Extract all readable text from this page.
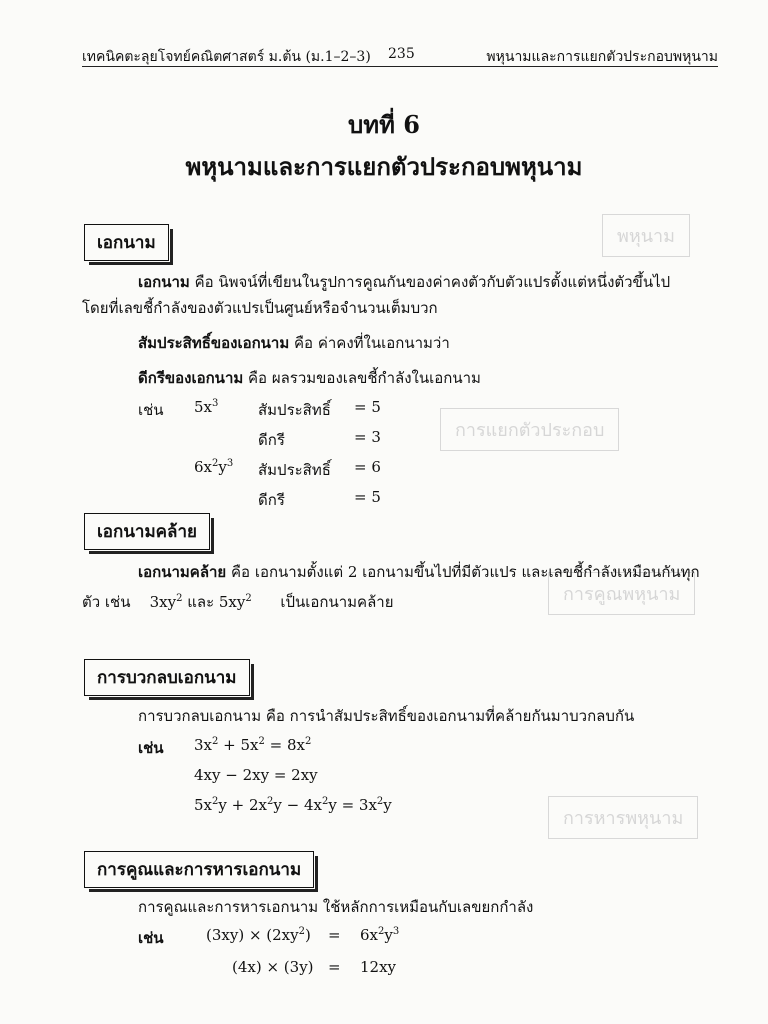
พหุนาม
การแยกตัวประกอบ
การคูณพหุนาม
การหารพหุนาม
เทคนิคตะลุยโจทย์คณิตศาสตร์ ม.ต้น (ม.1–2–3) 235	พหุนามและการแยกตัวประกอบพหุนาม
บทที่ 6
พหุนามและการแยกตัวประกอบพหุนาม
เอกนาม
เอกนาม คือ นิพจน์ที่เขียนในรูปการคูณกันของค่าคงตัวกับตัวแปรตั้งแต่หนึ่งตัวขึ้นไป
โดยที่เลขชี้กำลังของตัวแปรเป็นศูนย์หรือจำนวนเต็มบวก
สัมประสิทธิ์ของเอกนาม คือ ค่าคงที่ในเอกนามว่า
ดีกรีของเอกนาม คือ ผลรวมของเลขชี้กำลังในเอกนาม
เช่น $5x^3$	สัมประสิทธิ์ = 5
ดีกรี	= 3
$6x^2y^3$ สัมประสิทธิ์ = 6
ดีกรี	= 5
เอกนามคล้าย
เอกนามคล้าย คือ เอกนามตั้งแต่ 2 เอกนามขึ้นไปที่มีตัวแปร และเลขชี้กำลังเหมือนกันทุก
ตัว เช่น $3xy^2$ และ $5xy^2$ เป็นเอกนามคล้าย
การบวกลบเอกนาม
การบวกลบเอกนาม คือ การนำสัมประสิทธิ์ของเอกนามที่คล้ายกันมาบวกลบกัน
เช่น $3x^2 + 5x^2 = 8x^2$
4xy − 2xy = 2xy
$5x^2y + 2x^2y - 4x^2y = 3x^2y$
การคูณและการหารเอกนาม
การคูณและการหารเอกนาม ใช้หลักการเหมือนกับเลขยกกำลัง
เช่น	$(3xy) \times (2xy^2) = 6x^2y^3$
(4x) × (3y) = 12xy
